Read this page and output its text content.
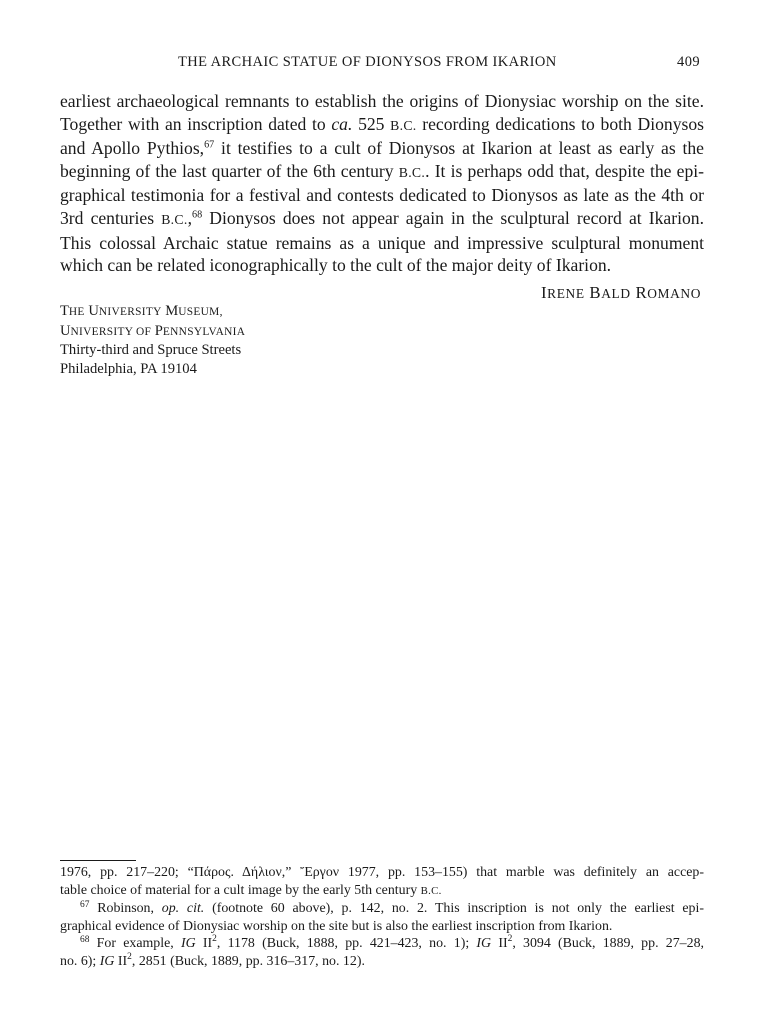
THE ARCHAIC STATUE OF DIONYSOS FROM IKARION	409
earliest archaeological remnants to establish the origins of Dionysiac worship on the site.
Together with an inscription dated to ca. 525 B.C. recording dedications to both Dionysos
and Apollo Pythios,$^{67}$ it testifies to a cult of Dionysos at Ikarion at least as early as the
beginning of the last quarter of the 6th century B.C.. It is perhaps odd that, despite the epi-
graphical testimonia for a festival and contests dedicated to Dionysos as late as the 4th or
3rd centuries B.C.,$^{68}$ Dionysos does not appear again in the sculptural record at Ikarion.
This colossal Archaic statue remains as a unique and impressive sculptural monument
which can be related iconographically to the cult of the major deity of Ikarion.
IRENE BALD ROMANO
THE UNIVERSITY MUSEUM,
UNIVERSITY OF PENNSYLVANIA
Thirty-third and Spruce Streets
Philadelphia, PA 19104
1976, pp. 217–220; “Πάρος. Δήλιον,” Ἔργον 1977, pp. 153–155) that marble was definitely an accep-
table choice of material for a cult image by the early 5th century B.C.
$^{67}$ Robinson, op. cit. (footnote 60 above), p. 142, no. 2. This inscription is not only the earliest epi-
graphical evidence of Dionysiac worship on the site but is also the earliest inscription from Ikarion.
$^{68}$ For example, IG $II^2$, 1178 (Buck, 1888, pp. 421–423, no. 1); IG $II^2$, 3094 (Buck, 1889, pp. 27–28,
no. 6); IG $II^2$, 2851 (Buck, 1889, pp. 316–317, no. 12).
